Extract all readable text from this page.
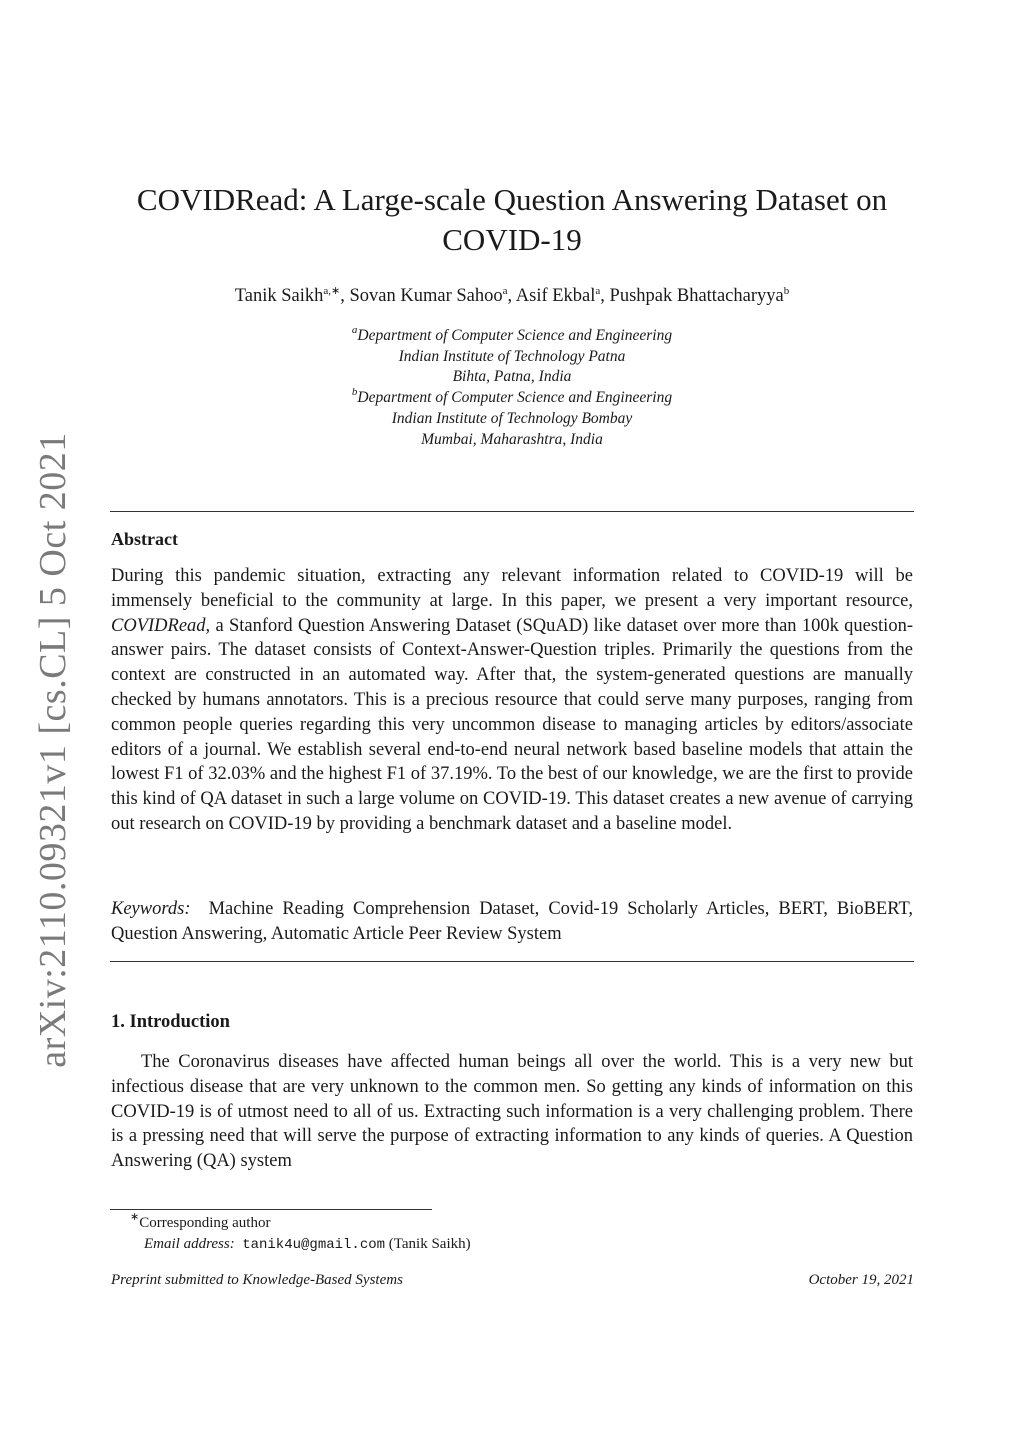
arXiv:2110.09321v1 [cs.CL] 5 Oct 2021
COVIDRead: A Large-scale Question Answering Dataset on COVID-19
Tanik Saikh$^{a,∗}$, Sovan Kumar Sahoo$^a$, Asif Ekbal$^a$, Pushpak Bhattacharyya$^b$
$^a$Department of Computer Science and Engineering
Indian Institute of Technology Patna
Bihta, Patna, India
$^b$Department of Computer Science and Engineering
Indian Institute of Technology Bombay
Mumbai, Maharashtra, India
Abstract
During this pandemic situation, extracting any relevant information related to COVID-19 will be immensely beneficial to the community at large. In this paper, we present a very important resource, COVIDRead, a Stanford Question Answering Dataset (SQuAD) like dataset over more than 100k question-answer pairs. The dataset consists of Context-Answer-Question triples. Primarily the questions from the context are constructed in an automated way. After that, the system-generated questions are manually checked by humans annotators. This is a precious resource that could serve many purposes, ranging from common people queries regarding this very uncommon disease to managing articles by editors/associate editors of a journal. We establish several end-to-end neural network based baseline models that attain the lowest F1 of 32.03% and the highest F1 of 37.19%. To the best of our knowledge, we are the first to provide this kind of QA dataset in such a large volume on COVID-19. This dataset creates a new avenue of carrying out research on COVID-19 by providing a benchmark dataset and a baseline model.
Keywords: Machine Reading Comprehension Dataset, Covid-19 Scholarly Articles, BERT, BioBERT, Question Answering, Automatic Article Peer Review System
1. Introduction
The Coronavirus diseases have affected human beings all over the world. This is a very new but infectious disease that are very unknown to the common men. So getting any kinds of information on this COVID-19 is of utmost need to all of us. Extracting such information is a very challenging problem. There is a pressing need that will serve the purpose of extracting information to any kinds of queries. A Question Answering (QA) system
∗Corresponding author
Email address: tanik4u@gmail.com (Tanik Saikh)
Preprint submitted to Knowledge-Based Systems	October 19, 2021
